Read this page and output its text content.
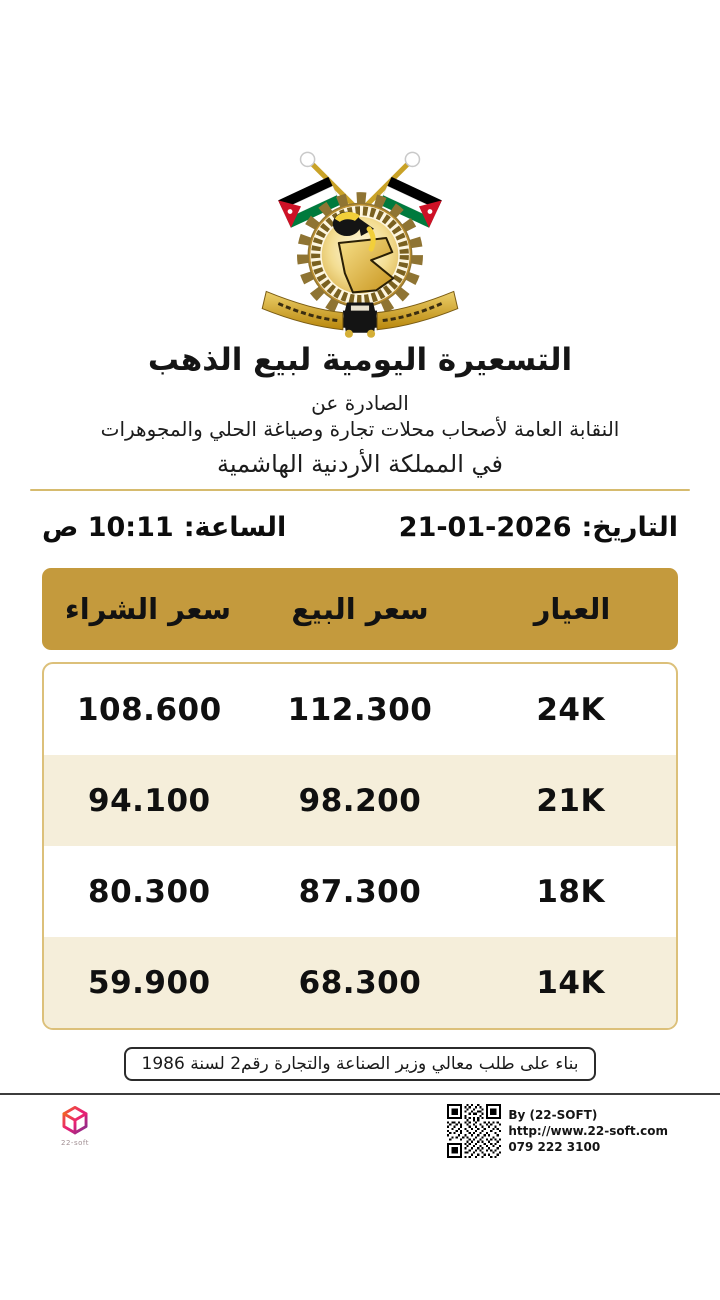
التسعيرة اليومية لبيع الذهب
الصادرة عن
النقابة العامة لأصحاب محلات تجارة وصياغة الحلي والمجوهرات
في المملكة الأردنية الهاشمية
التاريخ:
21-01-2026
الساعة:
10:11 ص
العيار
سعر البيع
سعر الشراء
24K
112.300
108.600
21K
98.200
94.100
18K
87.300
80.300
14K
68.300
59.900
بناء على طلب معالي وزير الصناعة والتجارة رقم2 لسنة 1986
22-soft
By (22-SOFT)
http://www.22-soft.com
079 222 3100
